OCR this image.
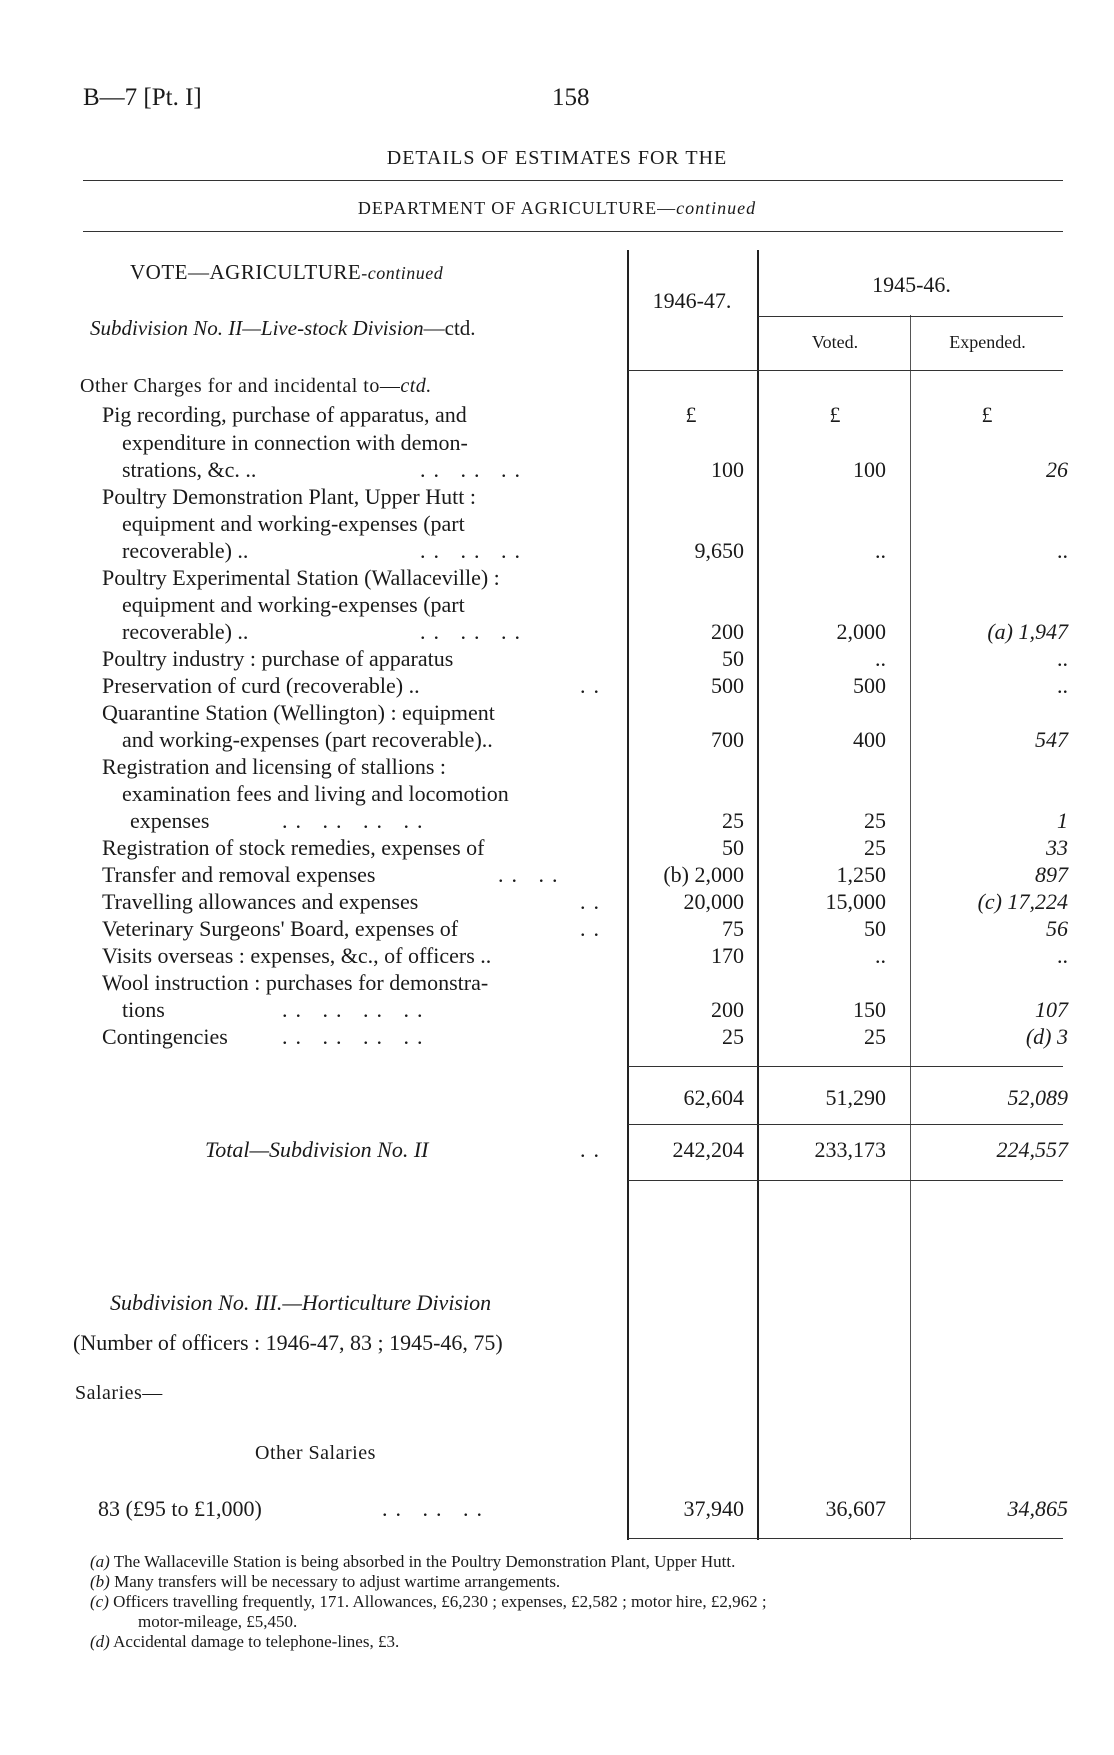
B—7 [Pt. I]	158
DETAILS OF ESTIMATES FOR THE
DEPARTMENT OF AGRICULTURE—continued
VOTE—AGRICULTURE-continued
Subdivision No. II—Live-stock Division—ctd.
1946-47.
1945-46.
Voted.	Expended.
Other Charges for and incidental to—ctd.
£	£	£
Pig recording, purchase of apparatus, and
expenditure in connection with demon-
strations, &c. ..	.. .. ..	100	100	26
Poultry Demonstration Plant, Upper Hutt :
equipment and working-expenses (part
recoverable) ..	.. .. ..	9,650	..	..
Poultry Experimental Station (Wallaceville) :
equipment and working-expenses (part
recoverable) ..	.. .. ..	200	2,000	(a) 1,947
Poultry industry : purchase of apparatus	50	..	..
Preservation of curd (recoverable) ..	..	500	500	..
Quarantine Station (Wellington) : equipment
and working-expenses (part recoverable)..	700	400	547
Registration and licensing of stallions :
examination fees and living and locomotion
expenses	.. .. .. ..	25	25	1
Registration of stock remedies, expenses of	50	25	33
Transfer and removal expenses	.. ..	(b) 2,000	1,250	897
Travelling allowances and expenses	..	20,000	15,000	(c) 17,224
Veterinary Surgeons' Board, expenses of	..	75	50	56
Visits overseas : expenses, &c., of officers ..	170	..	..
Wool instruction : purchases for demonstra-
tions	.. .. .. ..	200	150	107
Contingencies .. .. .. ..	25	25	(d) 3
62,604	51,290	52,089
Total—Subdivision No. II	..	242,204	233,173	224,557
Subdivision No. III.—Horticulture Division
(Number of officers : 1946-47, 83 ; 1945-46, 75)
Salaries—
Other Salaries
83 (£95 to £1,000)	.. .. ..	37,940	36,607	34,865
(a) The Wallaceville Station is being absorbed in the Poultry Demonstration Plant, Upper Hutt.
(b) Many transfers will be necessary to adjust wartime arrangements.
(c) Officers travelling frequently, 171. Allowances, £6,230 ; expenses, £2,582 ; motor hire, £2,962 ;
motor-mileage, £5,450.
(d) Accidental damage to telephone-lines, £3.
